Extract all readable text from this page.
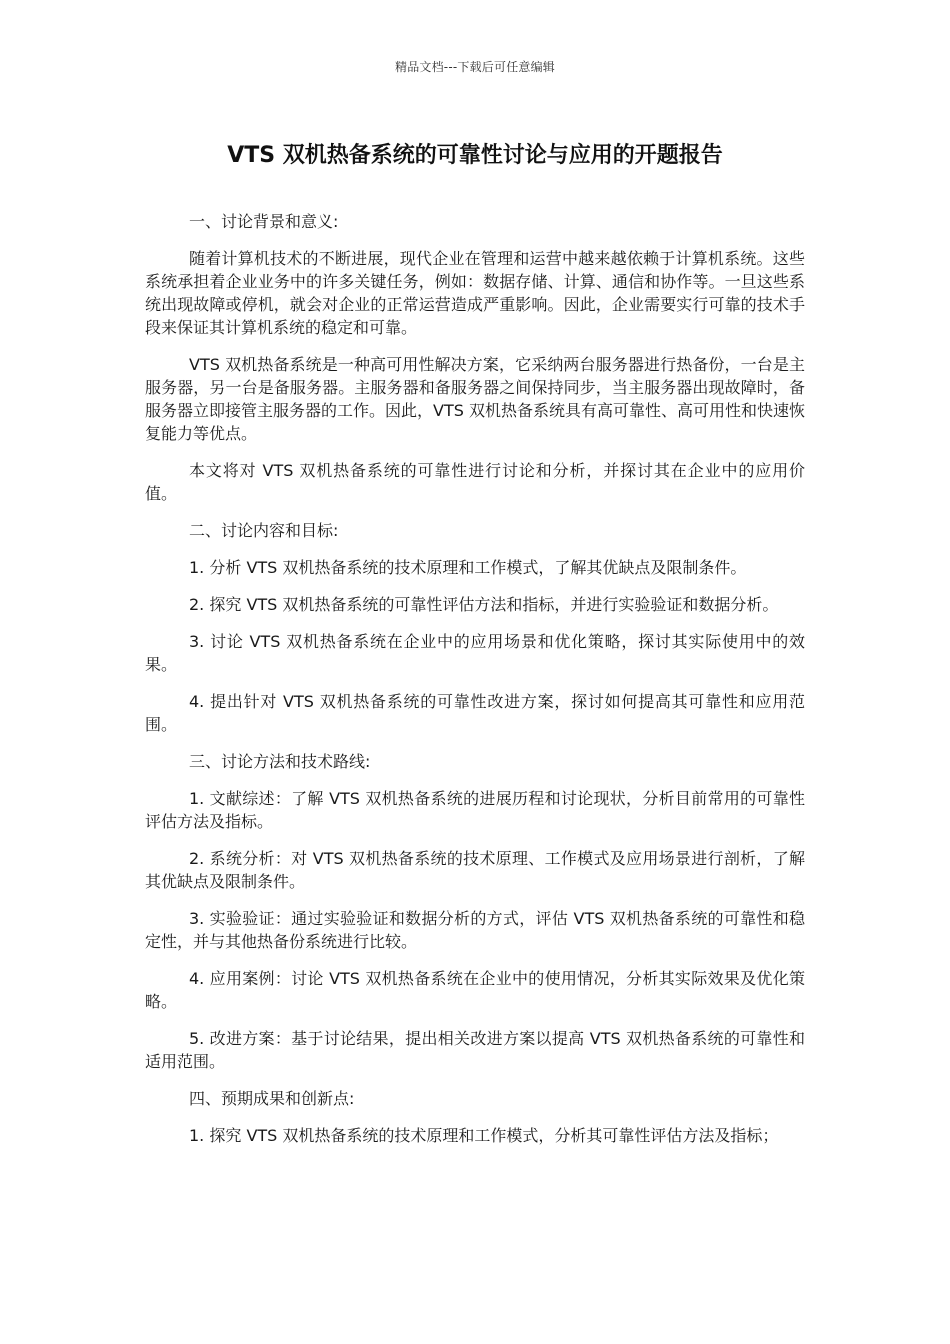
精品文档---下载后可任意编辑
VTS 双机热备系统的可靠性讨论与应用的开题报告

一、讨论背景和意义:

随着计算机技术的不断进展，现代企业在管理和运营中越来越依赖于计算机系统。这些系统承担着企业业务中的许多关键任务，例如：数据存储、计算、通信和协作等。一旦这些系统出现故障或停机，就会对企业的正常运营造成严重影响。因此，企业需要实行可靠的技术手段来保证其计算机系统的稳定和可靠。

VTS 双机热备系统是一种高可用性解决方案，它采纳两台服务器进行热备份，一台是主服务器，另一台是备服务器。主服务器和备服务器之间保持同步，当主服务器出现故障时，备服务器立即接管主服务器的工作。因此，VTS 双机热备系统具有高可靠性、高可用性和快速恢复能力等优点。

本文将对 VTS 双机热备系统的可靠性进行讨论和分析，并探讨其在企业中的应用价值。

二、讨论内容和目标:

1. 分析 VTS 双机热备系统的技术原理和工作模式，了解其优缺点及限制条件。

2. 探究 VTS 双机热备系统的可靠性评估方法和指标，并进行实验验证和数据分析。

3. 讨论 VTS 双机热备系统在企业中的应用场景和优化策略，探讨其实际使用中的效果。

4. 提出针对 VTS 双机热备系统的可靠性改进方案，探讨如何提高其可靠性和应用范围。

三、讨论方法和技术路线:

1. 文献综述：了解 VTS 双机热备系统的进展历程和讨论现状，分析目前常用的可靠性评估方法及指标。

2. 系统分析：对 VTS 双机热备系统的技术原理、工作模式及应用场景进行剖析，了解其优缺点及限制条件。

3. 实验验证：通过实验验证和数据分析的方式，评估 VTS 双机热备系统的可靠性和稳定性，并与其他热备份系统进行比较。

4. 应用案例：讨论 VTS 双机热备系统在企业中的使用情况，分析其实际效果及优化策略。

5. 改进方案：基于讨论结果，提出相关改进方案以提高 VTS 双机热备系统的可靠性和适用范围。

四、预期成果和创新点:

1. 探究 VTS 双机热备系统的技术原理和工作模式，分析其可靠性评估方法及指标；
